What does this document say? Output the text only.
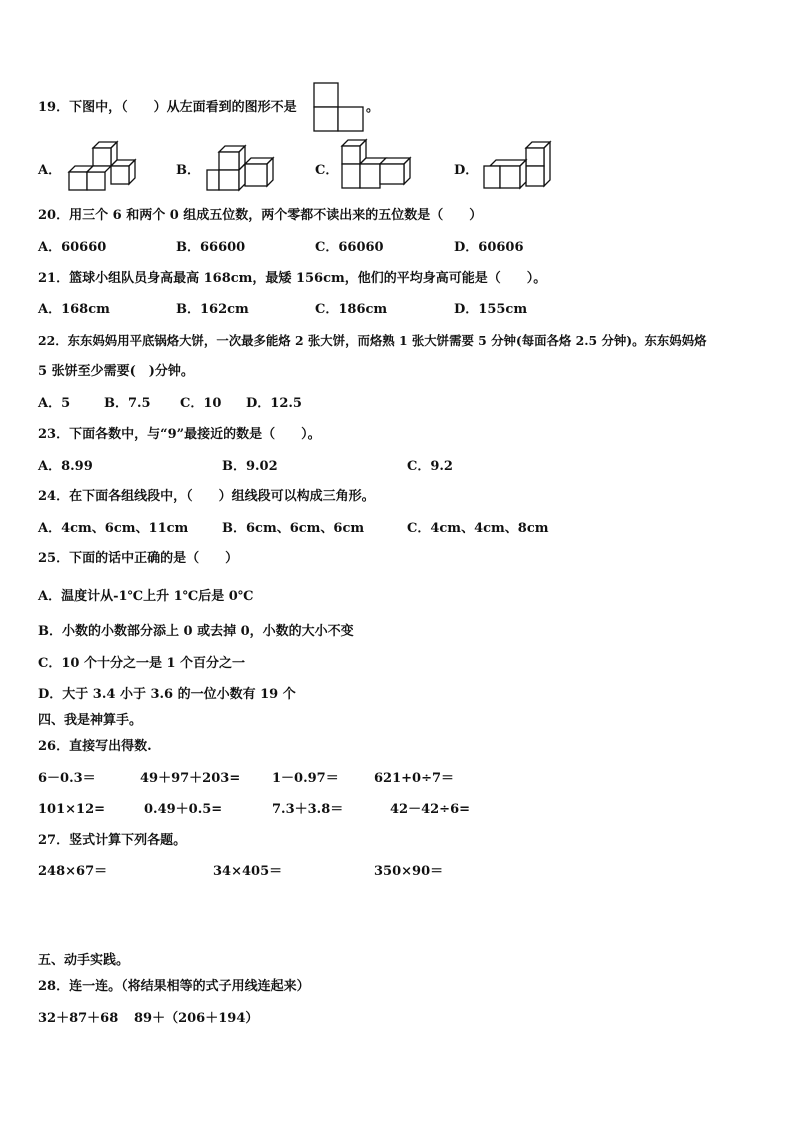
19．下图中，（　　）从左面看到的图形不是	。
A．	B．	C．	D．
20．用三个 6 和两个 0 组成五位数，两个零都不读出来的五位数是（　　）
A．60660	B．66600	C．66060	D．60606
21．篮球小组队员身高最高 168cm，最矮 156cm，他们的平均身高可能是（　　）。
A．168cm	B．162cm	C．186cm	D．155cm
22．东东妈妈用平底锅烙大饼，一次最多能烙 2 张大饼，而烙熟 1 张大饼需要 5 分钟(每面各烙 2.5 分钟)。东东妈妈烙
5 张饼至少需要(　)分钟。
A．5	B．7.5 C．10 D．12.5
23．下面各数中，与“9”最接近的数是（　　）。
A．8.99	B．9.02	C．9.2
24．在下面各组线段中，（　　）组线段可以构成三角形。
A．4cm、6cm、11cm	B．6cm、6cm、6cm	C．4cm、4cm、8cm
25．下面的话中正确的是（　　）
A．温度计从-1℃上升 1℃后是 0℃
B．小数的小数部分添上 0 或去掉 0，小数的大小不变
C．10 个十分之一是 1 个百分之一
D．大于 3.4 小于 3.6 的一位小数有 19 个
四、我是神算手。
26．直接写出得数.
6－0.3＝	49＋97＋203= 1－0.97＝	621+0÷7＝
101×12=	0.49＋0.5=	7.3＋3.8＝	42－42÷6=
27．竖式计算下列各题。
248×67＝	34×405＝	350×90＝
五、动手实践。
28．连一连。（将结果相等的式子用线连起来）
32＋87＋68 89＋（206＋194）
